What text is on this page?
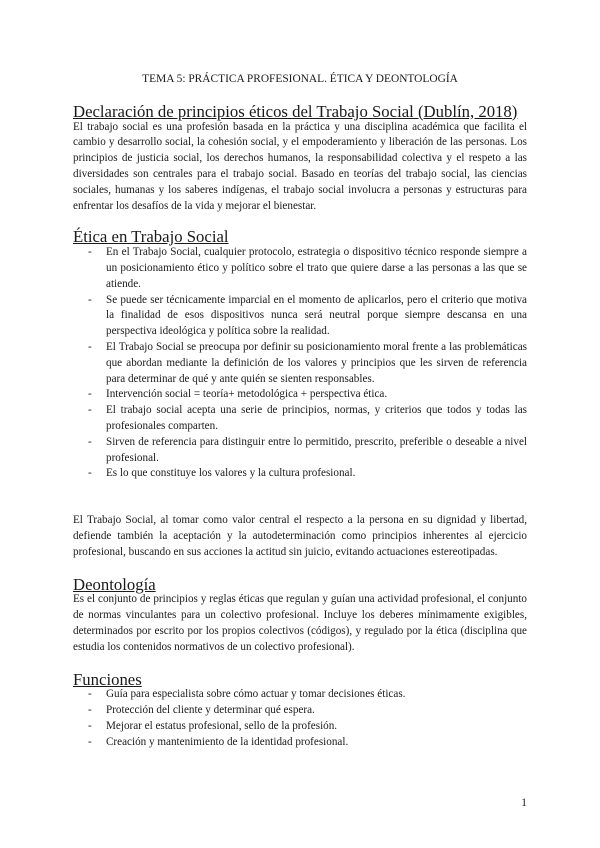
TEMA 5: PRÁCTICA PROFESIONAL. ÉTICA Y DEONTOLOGÍA
Declaración de principios éticos del Trabajo Social (Dublín, 2018)

El trabajo social es una profesión basada en la práctica y una disciplina académica que facilita el cambio y desarrollo social, la cohesión social, y el empoderamiento y liberación de las personas. Los principios de justicia social, los derechos humanos, la responsabilidad colectiva y el respeto a las diversidades son centrales para el trabajo social. Basado en teorías del trabajo social, las ciencias sociales, humanas y los saberes indígenas, el trabajo social involucra a personas y estructuras para enfrentar los desafíos de la vida y mejorar el bienestar.

Ética en Trabajo Social
- En el Trabajo Social, cualquier protocolo, estrategia o dispositivo técnico responde siempre a un posicionamiento ético y político sobre el trato que quiere darse a las personas a las que se atiende.
- Se puede ser técnicamente imparcial en el momento de aplicarlos, pero el criterio que motiva la finalidad de esos dispositivos nunca será neutral porque siempre descansa en una perspectiva ideológica y política sobre la realidad.
- El Trabajo Social se preocupa por definir su posicionamiento moral frente a las problemáticas que abordan mediante la definición de los valores y principios que les sirven de referencia para determinar de qué y ante quién se sienten responsables.
- Intervención social = teoría+ metodológica + perspectiva ética.
- El trabajo social acepta una serie de principios, normas, y criterios que todos y todas las profesionales comparten.
- Sirven de referencia para distinguir entre lo permitido, prescrito, preferible o deseable a nivel profesional.
- Es lo que constituye los valores y la cultura profesional.

El Trabajo Social, al tomar como valor central el respecto a la persona en su dignidad y libertad, defiende también la aceptación y la autodeterminación como principios inherentes al ejercicio profesional, buscando en sus acciones la actitud sin juicio, evitando actuaciones estereotipadas.

Deontología

Es el conjunto de principios y reglas éticas que regulan y guían una actividad profesional, el conjunto de normas vinculantes para un colectivo profesional. Incluye los deberes mínimamente exigibles, determinados por escrito por los propios colectivos (códigos), y regulado por la ética (disciplina que estudia los contenidos normativos de un colectivo profesional).

Funciones
- Guía para especialista sobre cómo actuar y tomar decisiones éticas.
- Protección del cliente y determinar qué espera.
- Mejorar el estatus profesional, sello de la profesión.
- Creación y mantenimiento de la identidad profesional.
1
